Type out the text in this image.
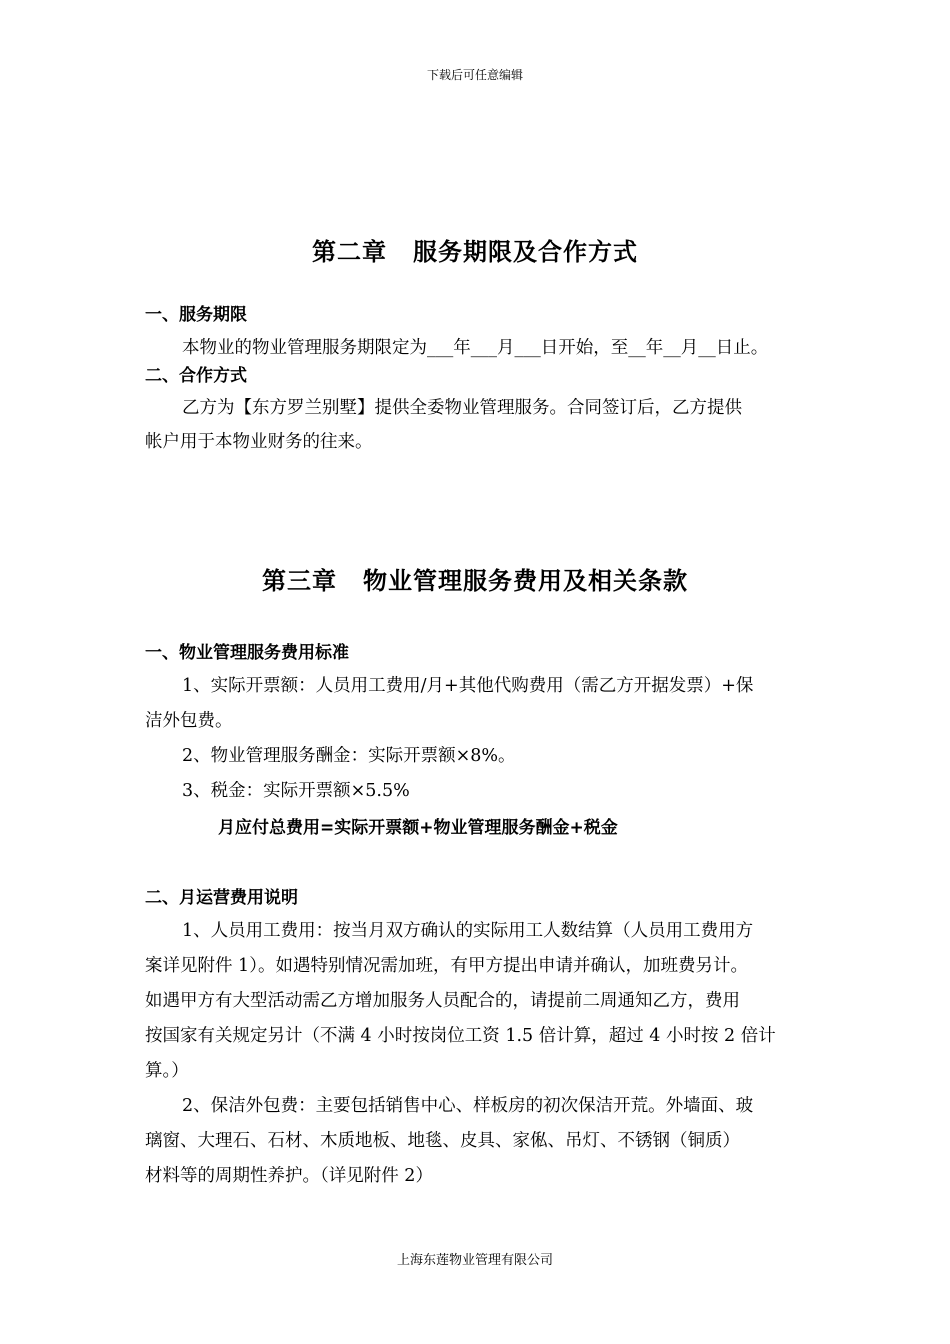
下载后可任意编辑
第二章 服务期限及合作方式
一、服务期限
本物业的物业管理服务期限定为___年___月___日开始，至__年__月__日止。
二、合作方式
乙方为【东方罗兰别墅】提供全委物业管理服务。合同签订后，乙方提供
帐户用于本物业财务的往来。
第三章 物业管理服务费用及相关条款
一、物业管理服务费用标准
1、实际开票额：人员用工费用/月+其他代购费用（需乙方开据发票）+保
洁外包费。
2、物业管理服务酬金：实际开票额×8%。
3、税金：实际开票额×5.5%
月应付总费用=实际开票额+物业管理服务酬金+税金
二、月运营费用说明
1、人员用工费用：按当月双方确认的实际用工人数结算（人员用工费用方
案详见附件 1）。如遇特别情况需加班，有甲方提出申请并确认，加班费另计。
如遇甲方有大型活动需乙方增加服务人员配合的，请提前二周通知乙方，费用
按国家有关规定另计（不满 4 小时按岗位工资 1.5 倍计算，超过 4 小时按 2 倍计
算。）
2、保洁外包费：主要包括销售中心、样板房的初次保洁开荒。外墙面、玻
璃窗、大理石、石材、木质地板、地毯、皮具、家俬、吊灯、不锈钢（铜质）
材料等的周期性养护。（详见附件 2）
上海东莲物业管理有限公司
